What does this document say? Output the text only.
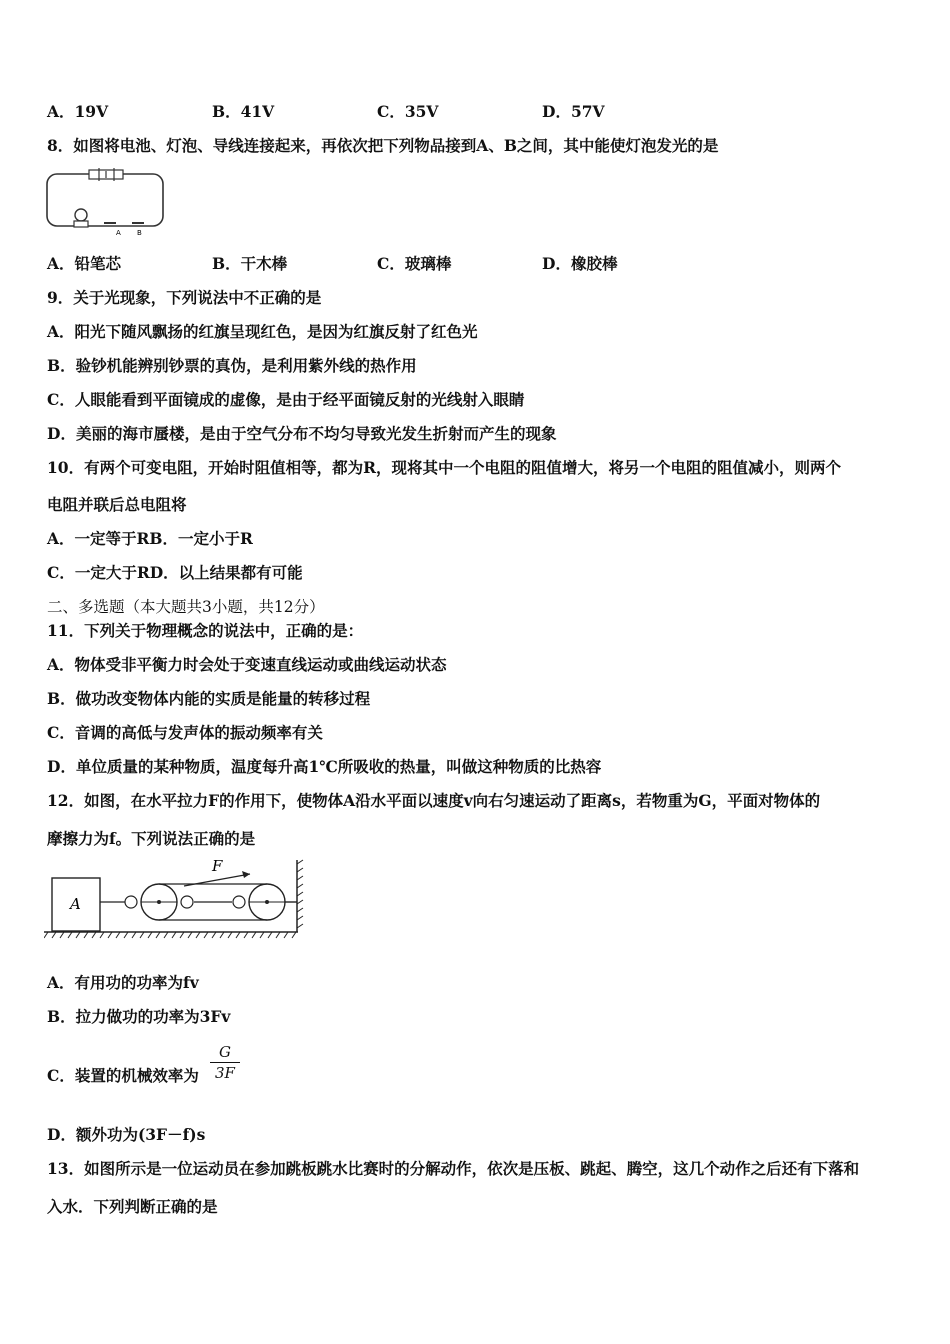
A．19V	B．41V	C．35V	D．57V
8．如图将电池、灯泡、导线连接起来，再依次把下列物品接到A、B之间，其中能使灯泡发光的是
A B
A．铅笔芯	B．干木棒	C．玻璃棒	D．橡胶棒
9．关于光现象，下列说法中不正确的是
A．阳光下随风飘扬的红旗呈现红色，是因为红旗反射了红色光
B．验钞机能辨别钞票的真伪，是利用紫外线的热作用
C．人眼能看到平面镜成的虚像，是由于经平面镜反射的光线射入眼睛
D．美丽的海市蜃楼，是由于空气分布不均匀导致光发生折射而产生的现象
10．有两个可变电阻，开始时阻值相等，都为R，现将其中一个电阻的阻值增大，将另一个电阻的阻值减小，则两个
电阻并联后总电阻将
A．一定等于RB．一定小于R
C．一定大于RD．以上结果都有可能
二、多选题（本大题共3小题，共12分）
11．下列关于物理概念的说法中，正确的是：
A．物体受非平衡力时会处于变速直线运动或曲线运动状态
B．做功改变物体内能的实质是能量的转移过程
C．音调的高低与发声体的振动频率有关
D．单位质量的某种物质，温度每升高1℃所吸收的热量，叫做这种物质的比热容
12．如图，在水平拉力F的作用下，使物体A沿水平面以速度v向右匀速运动了距离s，若物重为G，平面对物体的
摩擦力为f。下列说法正确的是
A
F
A．有用功的功率为fv
B．拉力做功的功率为3Fv
C．装置的机械效率为 $\frac{G}{3F}$
D．额外功为(3F－f)s
13．如图所示是一位运动员在参加跳板跳水比赛时的分解动作，依次是压板、跳起、腾空，这几个动作之后还有下落和
入水．下列判断正确的是
